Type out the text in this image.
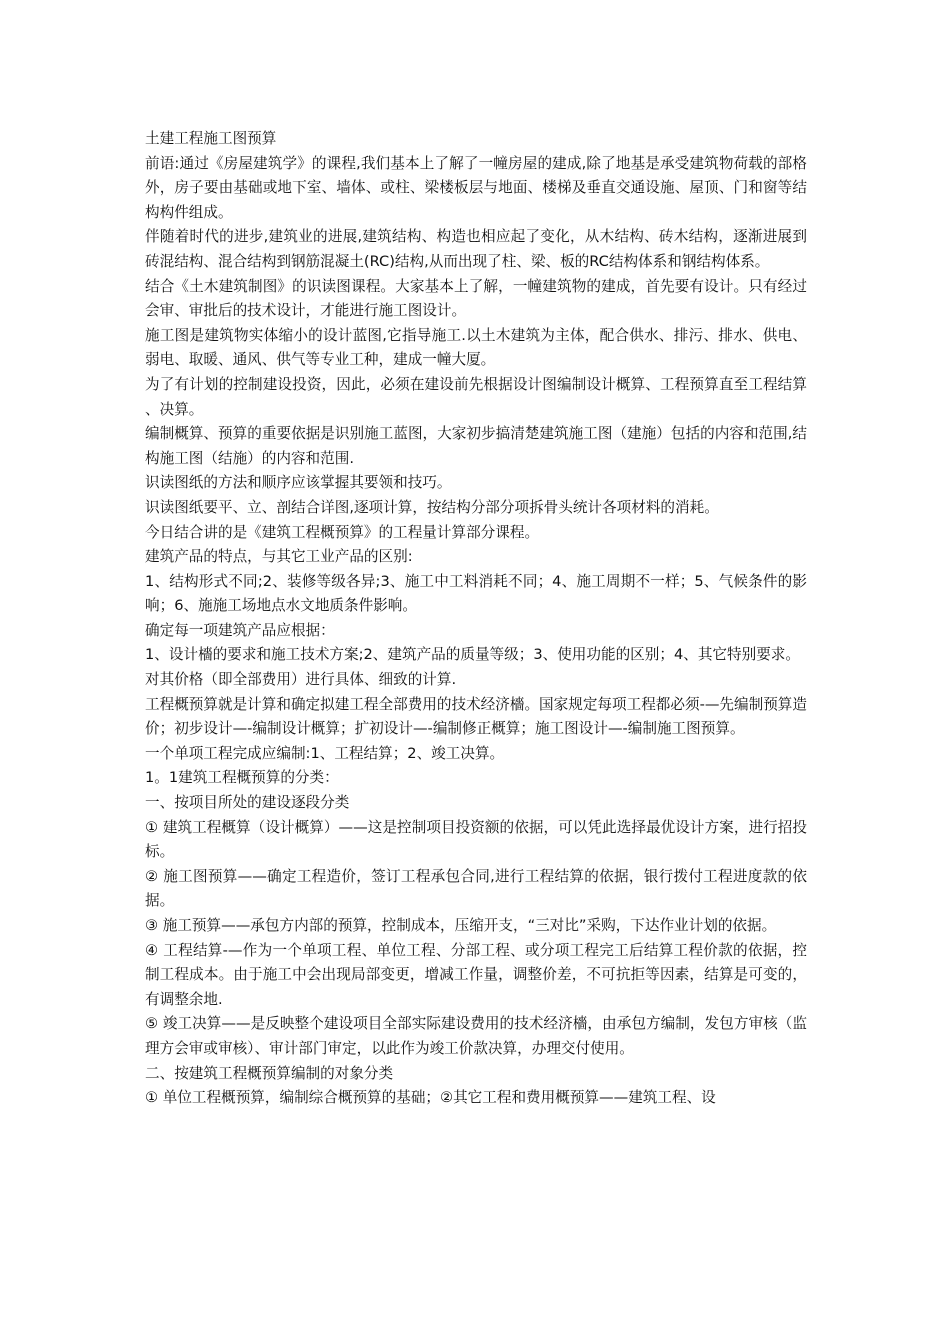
土建工程施工图预算

前语:通过《房屋建筑学》的课程,我们基本上了解了一幢房屋的建成,除了地基是承受建筑物荷载的部格外，房子要由基础或地下室、墙体、或柱、梁楼板层与地面、楼梯及垂直交通设施、屋顶、门和窗等结构构件组成。

伴随着时代的进步,建筑业的进展,建筑结构、构造也相应起了变化，从木结构、砖木结构，逐渐进展到砖混结构、混合结构到钢筋混凝土(RC)结构,从而出现了柱、梁、板的RC结构体系和钢结构体系。

结合《土木建筑制图》的识读图课程。大家基本上了解，一幢建筑物的建成，首先要有设计。只有经过会审、审批后的技术设计，才能进行施工图设计。

施工图是建筑物实体缩小的设计蓝图,它指导施工.以土木建筑为主体，配合供水、排污、排水、供电、弱电、取暖、通风、供气等专业工种，建成一幢大厦。

为了有计划的控制建设投资，因此，必须在建设前先根据设计图编制设计概算、工程预算直至工程结算、决算。

编制概算、预算的重要依据是识别施工蓝图，大家初步搞清楚建筑施工图（建施）包括的内容和范围,结构施工图（结施）的内容和范围.

识读图纸的方法和顺序应该掌握其要领和技巧。

识读图纸要平、立、剖结合详图,逐项计算，按结构分部分项拆骨头统计各项材料的消耗。

今日结合讲的是《建筑工程概预算》的工程量计算部分课程。

建筑产品的特点，与其它工业产品的区别:

1、结构形式不同;2、装修等级各异;3、施工中工料消耗不同；4、施工周期不一样；5、气候条件的影响；6、施施工场地点水文地质条件影响。

确定每一项建筑产品应根据：

1、设计檣的要求和施工技术方案;2、建筑产品的质量等级；3、使用功能的区别；4、其它特别要求。

对其价格（即全部费用）进行具体、细致的计算.

工程概预算就是计算和确定拟建工程全部费用的技术经济檣。国家规定每项工程都必须-—先编制预算造价；初步设计—-编制设计概算；扩初设计—-编制修正概算；施工图设计—-编制施工图预算。

一个单项工程完成应编制:1、工程结算；2、竣工决算。

1。1建筑工程概预算的分类：

一、按项目所处的建设逐段分类

① 建筑工程概算（设计概算）——这是控制项目投资额的依据，可以凭此选择最优设计方案，进行招投标。

② 施工图预算——确定工程造价，签订工程承包合同,进行工程结算的依据，银行拨付工程进度款的依据。

③ 施工预算——承包方内部的预算，控制成本，压缩开支，“三对比”采购，下达作业计划的依据。

④ 工程结算-—作为一个单项工程、单位工程、分部工程、或分项工程完工后结算工程价款的依据，控制工程成本。由于施工中会出现局部变更，增减工作量，调整价差，不可抗拒等因素，结算是可变的，有调整余地.

⑤ 竣工决算——是反映整个建设项目全部实际建设费用的技术经济檣，由承包方编制，发包方审核（监理方会审或审核）、审计部门审定，以此作为竣工价款决算，办理交付使用。

二、按建筑工程概预算编制的对象分类

① 单位工程概预算，编制综合概预算的基础；②其它工程和费用概预算——建筑工程、设
